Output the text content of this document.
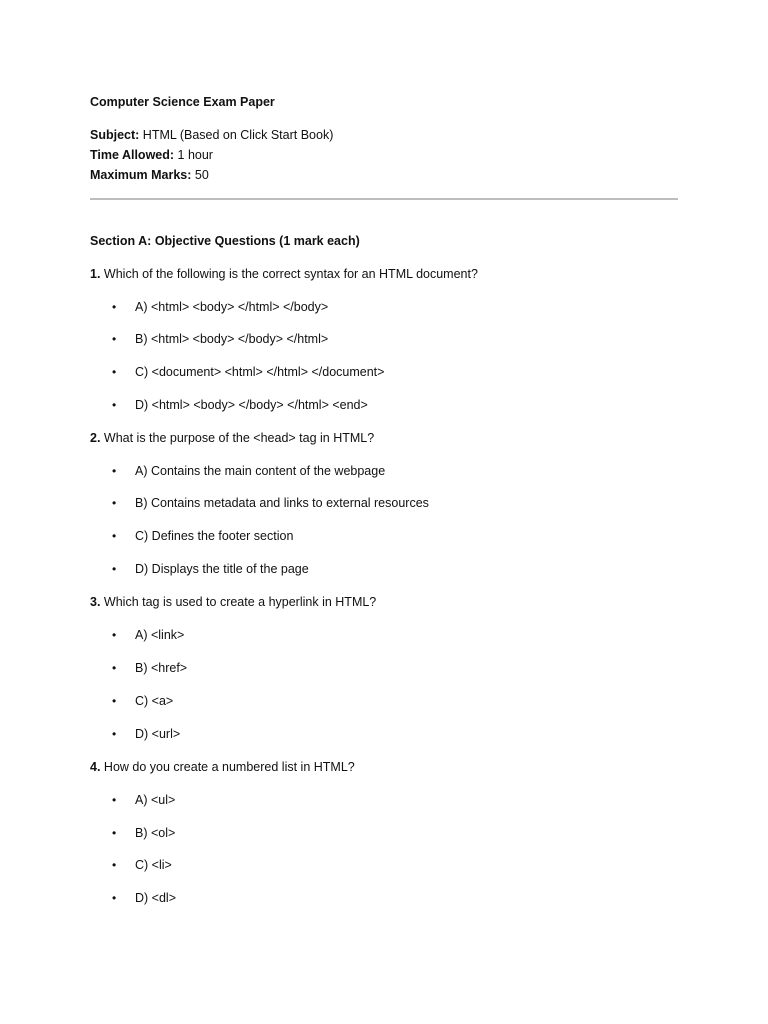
Computer Science Exam Paper
Subject: HTML (Based on Click Start Book)
Time Allowed: 1 hour
Maximum Marks: 50
Section A: Objective Questions (1 mark each)
1. Which of the following is the correct syntax for an HTML document?
• A) <html> <body> </html> </body>
• B) <html> <body> </body> </html>
• C) <document> <html> </html> </document>
• D) <html> <body> </body> </html> <end>
2. What is the purpose of the <head> tag in HTML?
• A) Contains the main content of the webpage
• B) Contains metadata and links to external resources
• C) Defines the footer section
• D) Displays the title of the page
3. Which tag is used to create a hyperlink in HTML?
• A) <link>
• B) <href>
• C) <a>
• D) <url>
4. How do you create a numbered list in HTML?
• A) <ul>
• B) <ol>
• C) <li>
• D) <dl>
